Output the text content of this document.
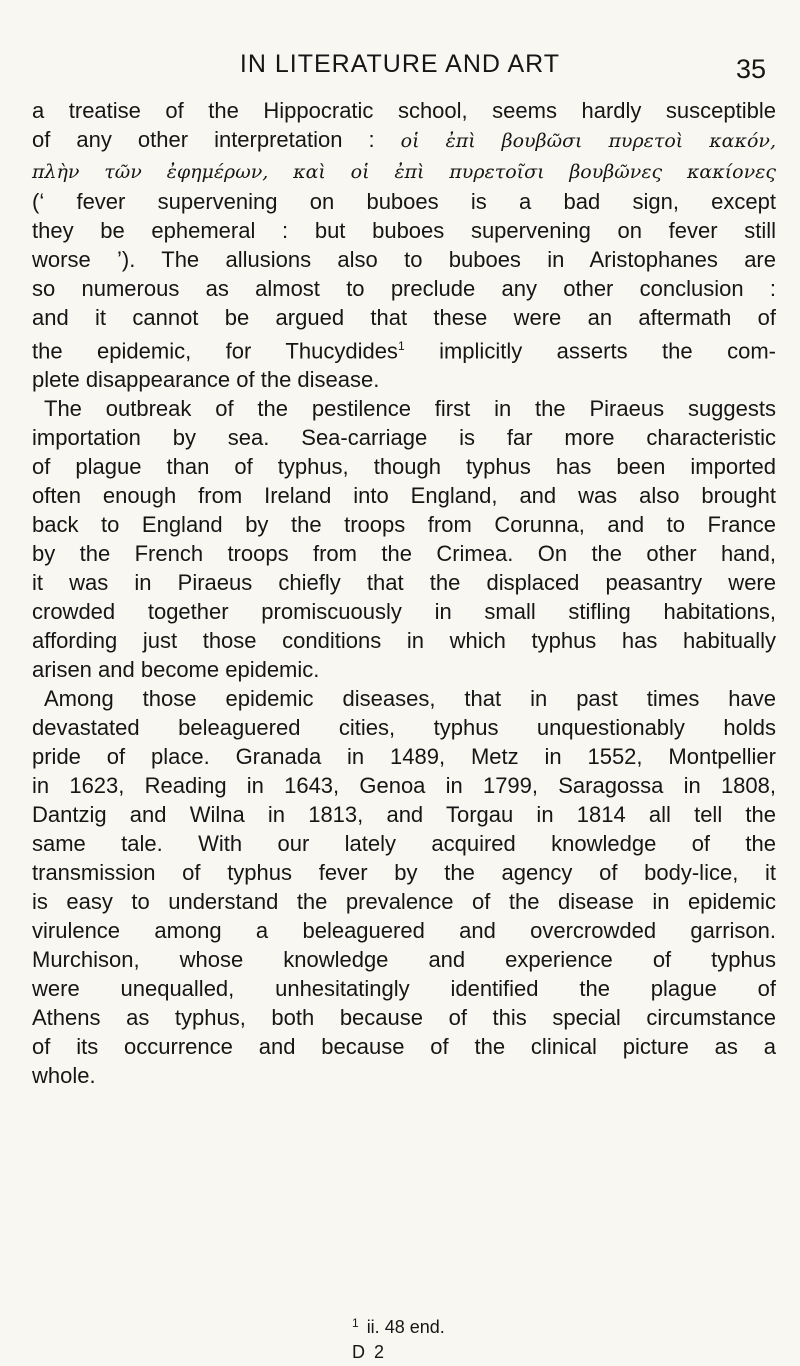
IN LITERATURE AND ART	35
a treatise of the Hippocratic school, seems hardly susceptible
of any other interpretation : οἱ ἐπὶ βουβῶσι πυρετοὶ κακόν,
πλὴν τῶν ἐφημέρων, καὶ οἱ ἐπὶ πυρετοῖσι βουβῶνες κακίονες
(‘ fever supervening on buboes is a bad sign, except
they be ephemeral : but buboes supervening on fever still
worse ’). The allusions also to buboes in Aristophanes are
so numerous as almost to preclude any other conclusion :
and it cannot be argued that these were an aftermath of
the epidemic, for Thucydides$^1$ implicitly asserts the com-
plete disappearance of the disease.
The outbreak of the pestilence first in the Piraeus suggests
importation by sea. Sea-carriage is far more characteristic
of plague than of typhus, though typhus has been imported
often enough from Ireland into England, and was also brought
back to England by the troops from Corunna, and to France
by the French troops from the Crimea. On the other hand,
it was in Piraeus chiefly that the displaced peasantry were
crowded together promiscuously in small stifling habitations,
affording just those conditions in which typhus has habitually
arisen and become epidemic.
Among those epidemic diseases, that in past times have
devastated beleaguered cities, typhus unquestionably holds
pride of place. Granada in 1489, Metz in 1552, Montpellier
in 1623, Reading in 1643, Genoa in 1799, Saragossa in 1808,
Dantzig and Wilna in 1813, and Torgau in 1814 all tell the
same tale. With our lately acquired knowledge of the
transmission of typhus fever by the agency of body-lice, it
is easy to understand the prevalence of the disease in epidemic
virulence among a beleaguered and overcrowded garrison.
Murchison, whose knowledge and experience of typhus
were unequalled, unhesitatingly identified the plague of
Athens as typhus, both because of this special circumstance
of its occurrence and because of the clinical picture as a
whole.
$^1$ ii. 48 end.
D 2
